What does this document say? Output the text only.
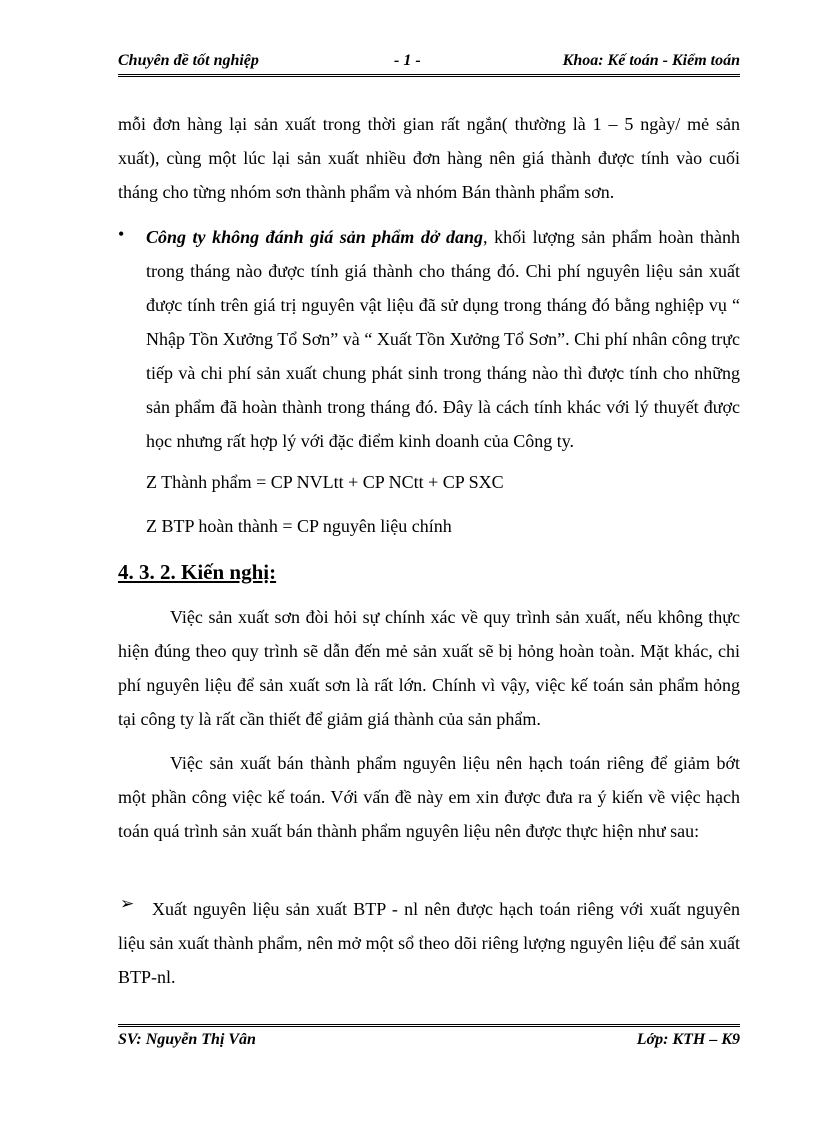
Chuyên đề tốt nghiệp	- 1 -	Khoa: Kế toán - Kiểm toán
mỗi đơn hàng lại sản xuất trong thời gian rất ngắn( thường là 1 – 5 ngày/ mẻ sản xuất), cùng một lúc lại sản xuất nhiều đơn hàng nên giá thành được tính vào cuối tháng cho từng nhóm sơn thành phẩm và nhóm Bán thành phẩm sơn.
• Công ty không đánh giá sản phẩm dở dang, khối lượng sản phẩm hoàn thành trong tháng nào được tính giá thành cho tháng đó. Chi phí nguyên liệu sản xuất được tính trên giá trị nguyên vật liệu đã sử dụng trong tháng đó bằng nghiệp vụ “ Nhập Tồn Xưởng Tổ Sơn” và “ Xuất Tồn Xưởng Tổ Sơn”. Chi phí nhân công trực tiếp và chi phí sản xuất chung phát sinh trong tháng nào thì được tính cho những sản phẩm đã hoàn thành trong tháng đó. Đây là cách tính khác với lý thuyết được học nhưng rất hợp lý với đặc điểm kinh doanh của Công ty.
Z Thành phẩm = CP NVLtt + CP NCtt + CP SXC
Z BTP hoàn thành = CP nguyên liệu chính
4. 3. 2. Kiến nghị:
Việc sản xuất sơn đòi hỏi sự chính xác về quy trình sản xuất, nếu không thực hiện đúng theo quy trình sẽ dẫn đến mẻ sản xuất sẽ bị hỏng hoàn toàn. Mặt khác, chi phí nguyên liệu để sản xuất sơn là rất lớn. Chính vì vậy, việc kế toán sản phẩm hỏng tại công ty là rất cần thiết để giảm giá thành của sản phẩm.
Việc sản xuất bán thành phẩm nguyên liệu nên hạch toán riêng để giảm bớt một phần công việc kế toán. Với vấn đề này em xin được đưa ra ý kiến về việc hạch toán quá trình sản xuất bán thành phẩm nguyên liệu nên được thực hiện như sau:
➢ Xuất nguyên liệu sản xuất BTP - nl nên được hạch toán riêng với xuất nguyên liệu sản xuất thành phẩm, nên mở một sổ theo dõi riêng lượng nguyên liệu để sản xuất BTP-nl.
SV: Nguyễn Thị Vân	Lớp: KTH – K9
